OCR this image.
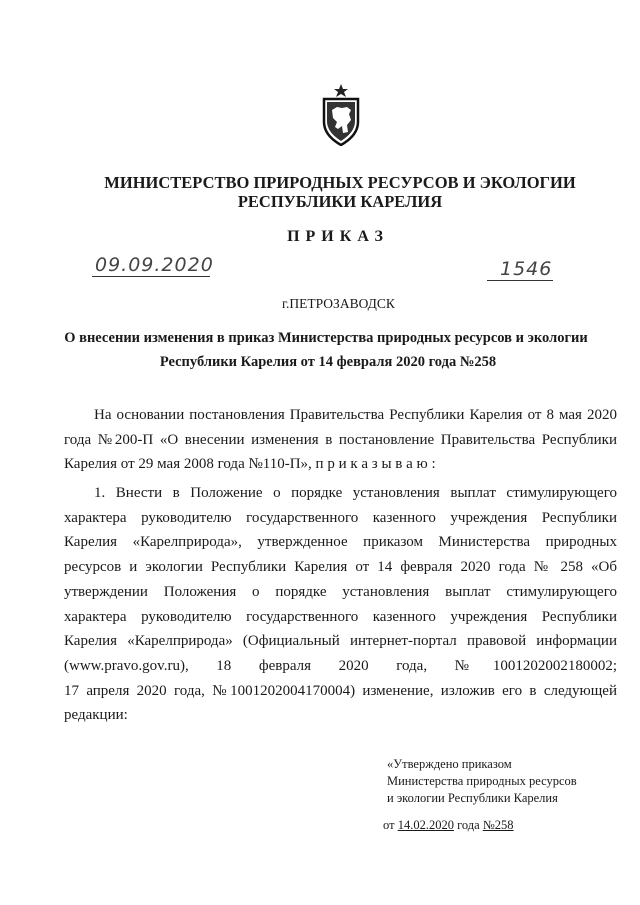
МИНИСТЕРСТВО ПРИРОДНЫХ РЕСУРСОВ И ЭКОЛОГИИ
РЕСПУБЛИКИ КАРЕЛИЯ
ПРИКАЗ
09.09.2020	1546
г.ПЕТРОЗАВОДСК
О внесении изменения в приказ Министерства природных ресурсов и экологии
Республики Карелия от 14 февраля 2020 года №258
На основании постановления Правительства Республики Карелия от 8 мая 2020
года №200-П «О внесении изменения в постановление Правительства Республики
Карелия от 29 мая 2008 года №110-П», п р и к а з ы в а ю :
1. Внести в Положение о порядке установления выплат стимулирующего
характера руководителю государственного казенного учреждения Республики
Карелия «Карелприрода», утвержденное приказом Министерства природных
ресурсов и экологии Республики Карелия от 14 февраля 2020 года № 258 «Об
утверждении Положения о порядке установления выплат стимулирующего
характера руководителю государственного казенного учреждения Республики
Карелия «Карелприрода» (Официальный интернет-портал правовой информации
(www.pravo.gov.ru), 18 февраля 2020 года, №1001202002180002;
17 апреля 2020 года, №1001202004170004) изменение, изложив его в следующей
редакции:
«Утверждено приказом
Министерства природных ресурсов
и экологии Республики Карелия
от 14.02.2020 года №258
